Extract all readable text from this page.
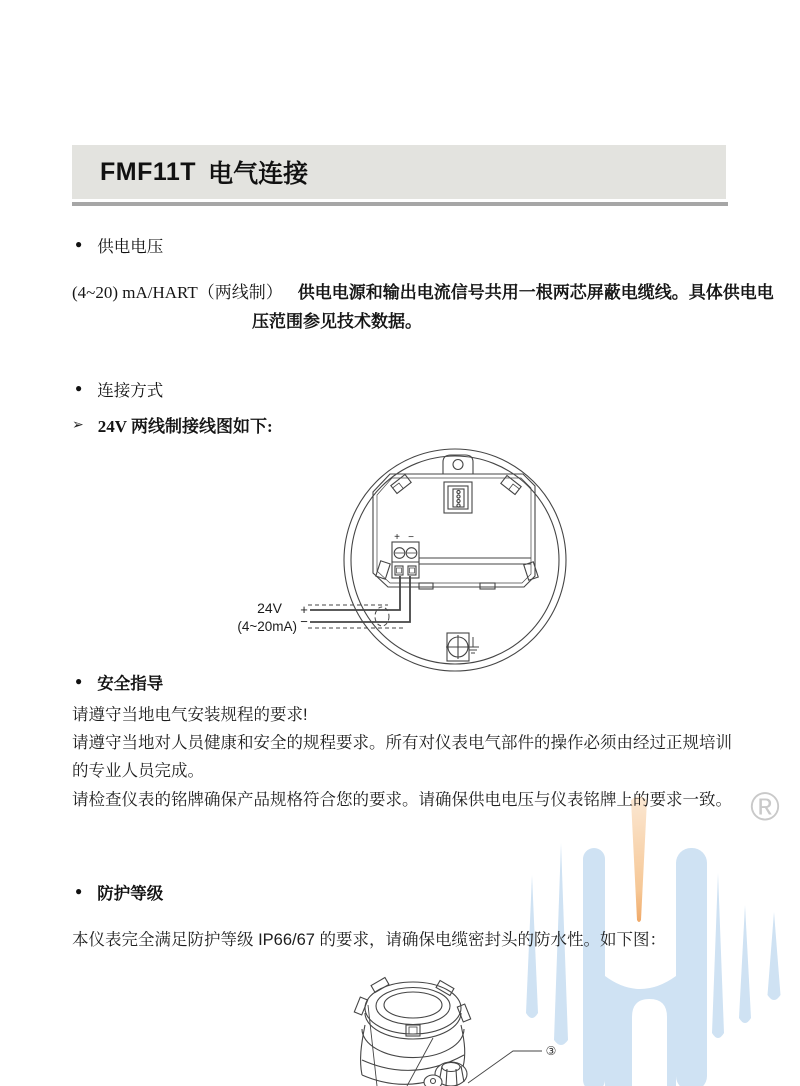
®
FMF11T 电气连接
● 供电电压
(4~20) mA/HART（两线制） 供电电源和输出电流信号共用一根两芯屏蔽电缆线。具体供电电
压范围参见技术数据。
● 连接方式
➢ 24V 两线制接线图如下:
+ −
24V
(4~20mA)
+
−
● 安全指导
请遵守当地电气安装规程的要求!
请遵守当地对人员健康和安全的规程要求。所有对仪表电气部件的操作必须由经过正规培训
的专业人员完成。
请检查仪表的铭牌确保产品规格符合您的要求。请确保供电电压与仪表铭牌上的要求一致。
● 防护等级
本仪表完全满足防护等级 IP66/67 的要求，请确保电缆密封头的防水性。如下图：
③
